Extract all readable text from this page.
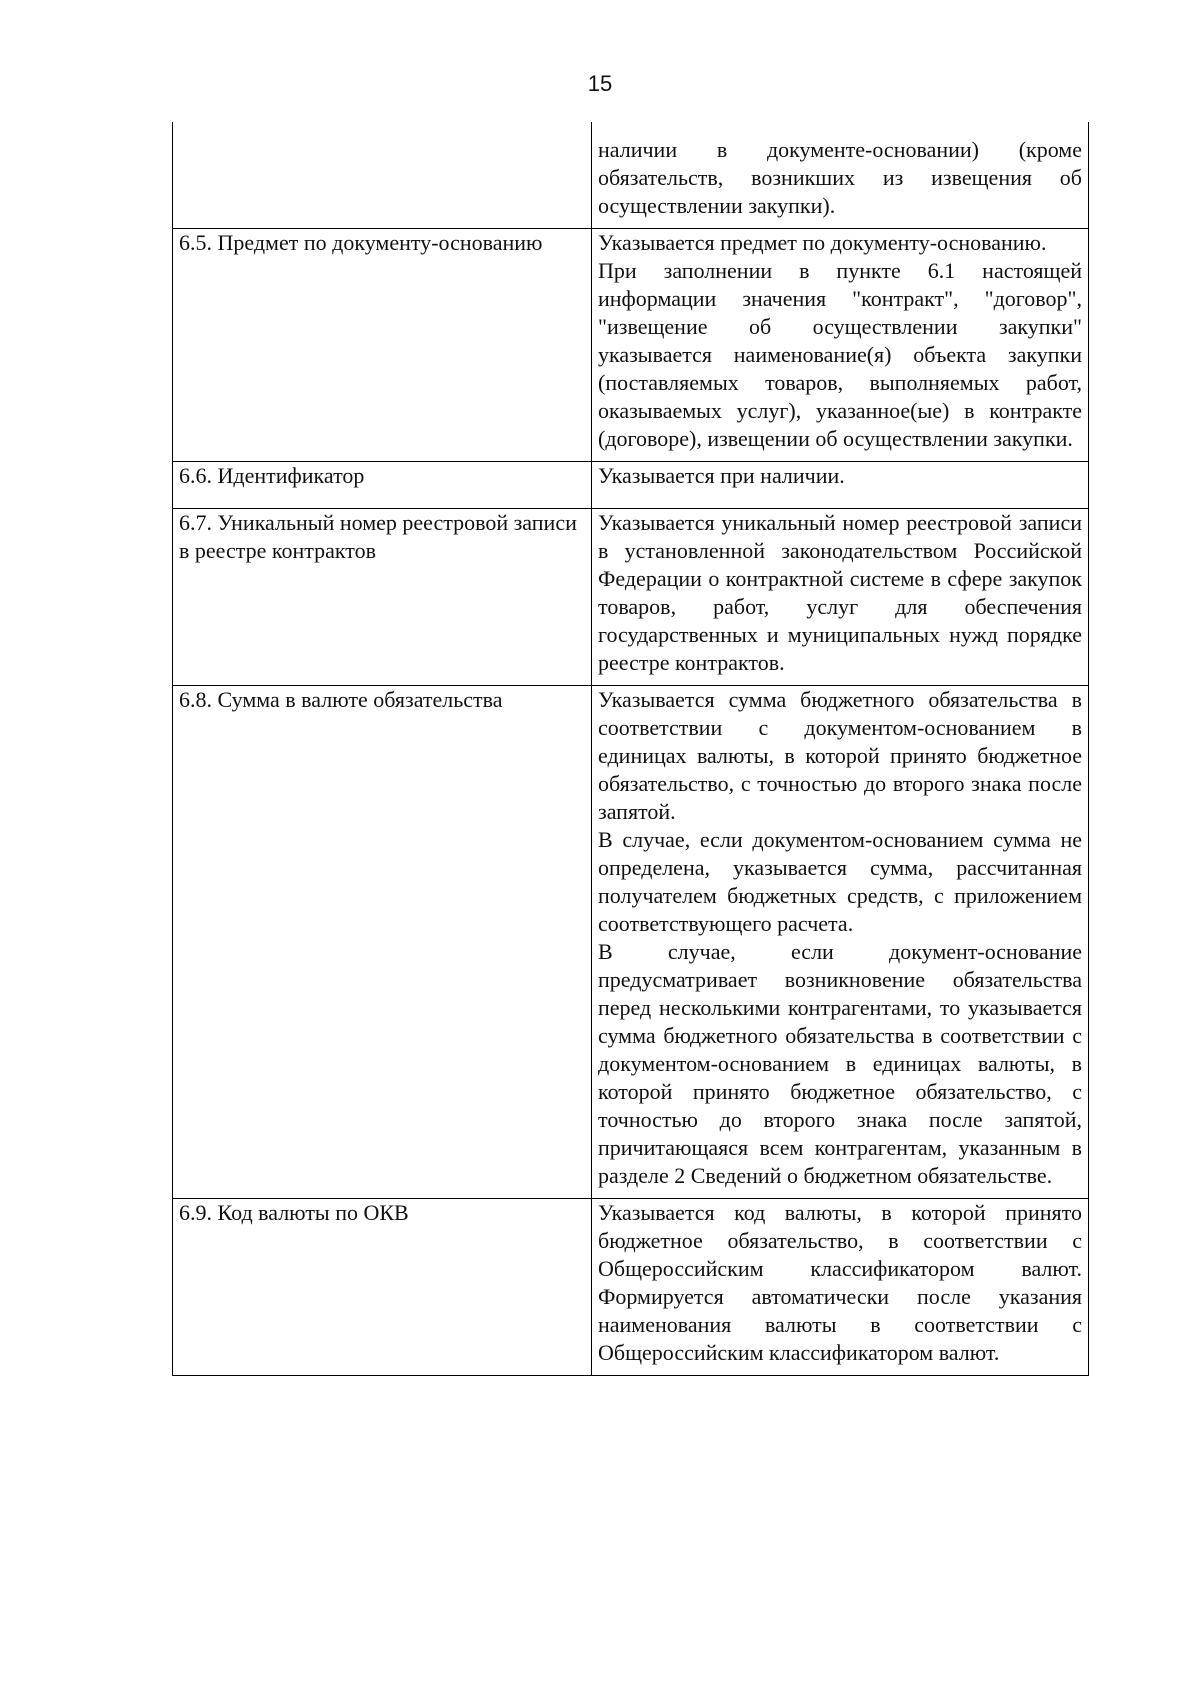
15

	наличии в документе-основании) (кроме обязательств, возникших из извещения об осуществлении закупки).

6.5. Предмет по документу-основанию	Указывается предмет по документу-основанию.

При заполнении в пункте 6.1 настоящей информации значения "контракт", "договор", "извещение об осуществлении закупки" указывается наименование(я) объекта закупки (поставляемых товаров, выполняемых работ, оказываемых услуг), указанное(ые) в контракте (договоре), извещении об осуществлении закупки.

6.6. Идентификатор	Указывается при наличии.

6.7. Уникальный номер реестровой записи в реестре контрактов	Указывается уникальный номер реестровой записи в установленной законодательством Российской Федерации о контрактной системе в сфере закупок товаров, работ, услуг для обеспечения государственных и муниципальных нужд порядке реестре контрактов.

6.8. Сумма в валюте обязательства	Указывается сумма бюджетного обязательства в соответствии с документом-основанием в единицах валюты, в которой принято бюджетное обязательство, с точностью до второго знака после запятой.

В случае, если документом-основанием сумма не определена, указывается сумма, рассчитанная получателем бюджетных средств, с приложением соответствующего расчета.

В случае, если документ-основание предусматривает возникновение обязательства перед несколькими контрагентами, то указывается сумма бюджетного обязательства в соответствии с документом-основанием в единицах валюты, в которой принято бюджетное обязательство, с точностью до второго знака после запятой, причитающаяся всем контрагентам, указанным в разделе 2 Сведений о бюджетном обязательстве.

6.9. Код валюты по ОКВ	Указывается код валюты, в которой принято бюджетное обязательство, в соответствии с Общероссийским классификатором валют. Формируется автоматически после указания наименования валюты в соответствии с Общероссийским классификатором валют.
